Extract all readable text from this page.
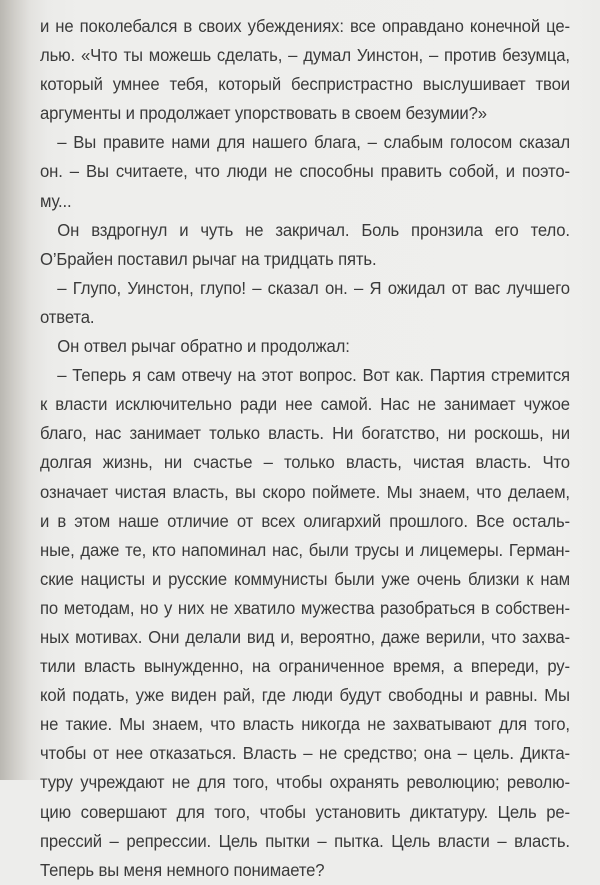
и не поколебался в своих убеждениях: все оправдано конечной це-
лью. «Что ты можешь сделать, – думал Уинстон, – против безумца,
который умнее тебя, который беспристрастно выслушивает твои
аргументы и продолжает упорствовать в своем безумии?»
– Вы правите нами для нашего блага, – слабым голосом сказал
он. – Вы считаете, что люди не способны править собой, и поэто-
му...
Он вздрогнул и чуть не закричал. Боль пронзила его тело.
О’Брайен поставил рычаг на тридцать пять.
– Глупо, Уинстон, глупо! – сказал он. – Я ожидал от вас лучшего
ответа.
Он отвел рычаг обратно и продолжал:
– Теперь я сам отвечу на этот вопрос. Вот как. Партия стремится
к власти исключительно ради нее самой. Нас не занимает чужое
благо, нас занимает только власть. Ни богатство, ни роскошь, ни
долгая жизнь, ни счастье – только власть, чистая власть. Что
означает чистая власть, вы скоро поймете. Мы знаем, что делаем,
и в этом наше отличие от всех олигархий прошлого. Все осталь-
ные, даже те, кто напоминал нас, были трусы и лицемеры. Герман-
ские нацисты и русские коммунисты были уже очень близки к нам
по методам, но у них не хватило мужества разобраться в собствен-
ных мотивах. Они делали вид и, вероятно, даже верили, что захва-
тили власть вынужденно, на ограниченное время, а впереди, ру-
кой подать, уже виден рай, где люди будут свободны и равны. Мы
не такие. Мы знаем, что власть никогда не захватывают для того,
чтобы от нее отказаться. Власть – не средство; она – цель. Дикта-
туру учреждают не для того, чтобы охранять революцию; револю-
цию совершают для того, чтобы установить диктатуру. Цель ре-
прессий – репрессии. Цель пытки – пытка. Цель власти – власть.
Теперь вы меня немного понимаете?
